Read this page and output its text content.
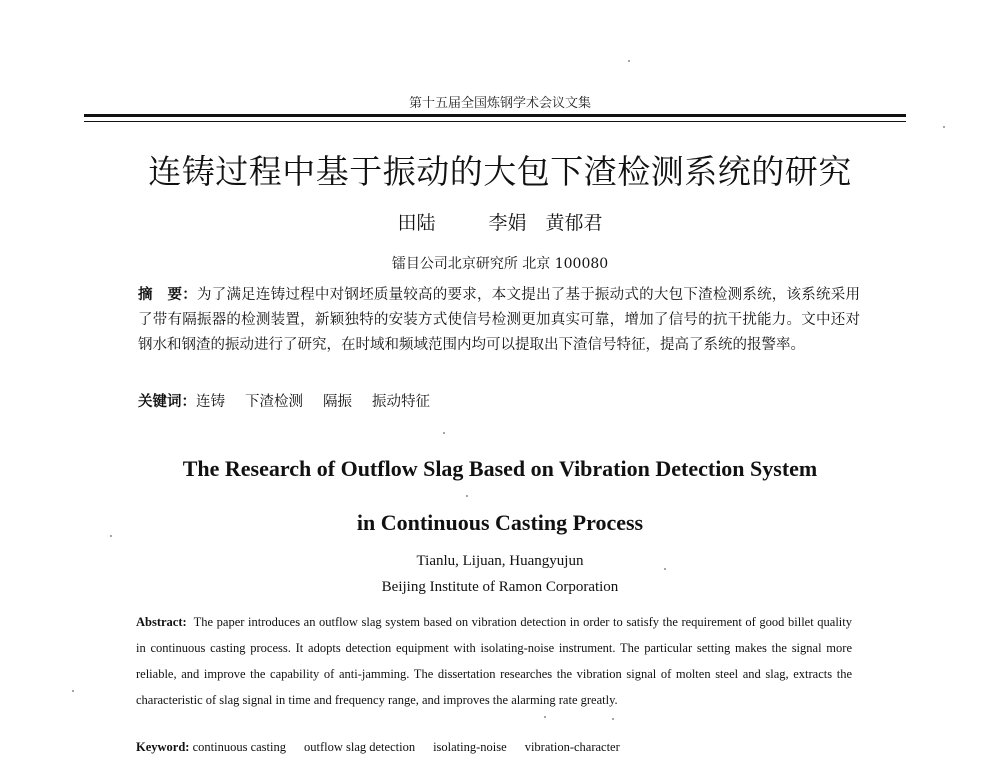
第十五届全国炼钢学术会议文集
连铸过程中基于振动的大包下渣检测系统的研究
田陆　 李娟　黄郁君
镭目公司北京研究所 北京 100080
摘　要：为了满足连铸过程中对钢坯质量较高的要求，本文提出了基于振动式的大包下渣检测系统，该系统采用了带有隔振器的检测装置，新颖独特的安装方式使信号检测更加真实可靠，增加了信号的抗干扰能力。文中还对钢水和钢渣的振动进行了研究，在时域和频域范围内均可以提取出下渣信号特征，提高了系统的报警率。
关键词：连铸 下渣检测 隔振 振动特征
The Research of Outflow Slag Based on Vibration Detection System
in Continuous Casting Process
Tianlu, Lijuan, Huangyujun
Beijing Institute of Ramon Corporation
Abstract: The paper introduces an outflow slag system based on vibration detection in order to satisfy the requirement of good billet quality in continuous casting process. It adopts detection equipment with isolating-noise instrument. The particular setting makes the signal more reliable, and improve the capability of anti-jamming. The dissertation researches the vibration signal of molten steel and slag, extracts the characteristic of slag signal in time and frequency range, and improves the alarming rate greatly.
Keyword: continuous casting outflow slag detection isolating-noise vibration-character
